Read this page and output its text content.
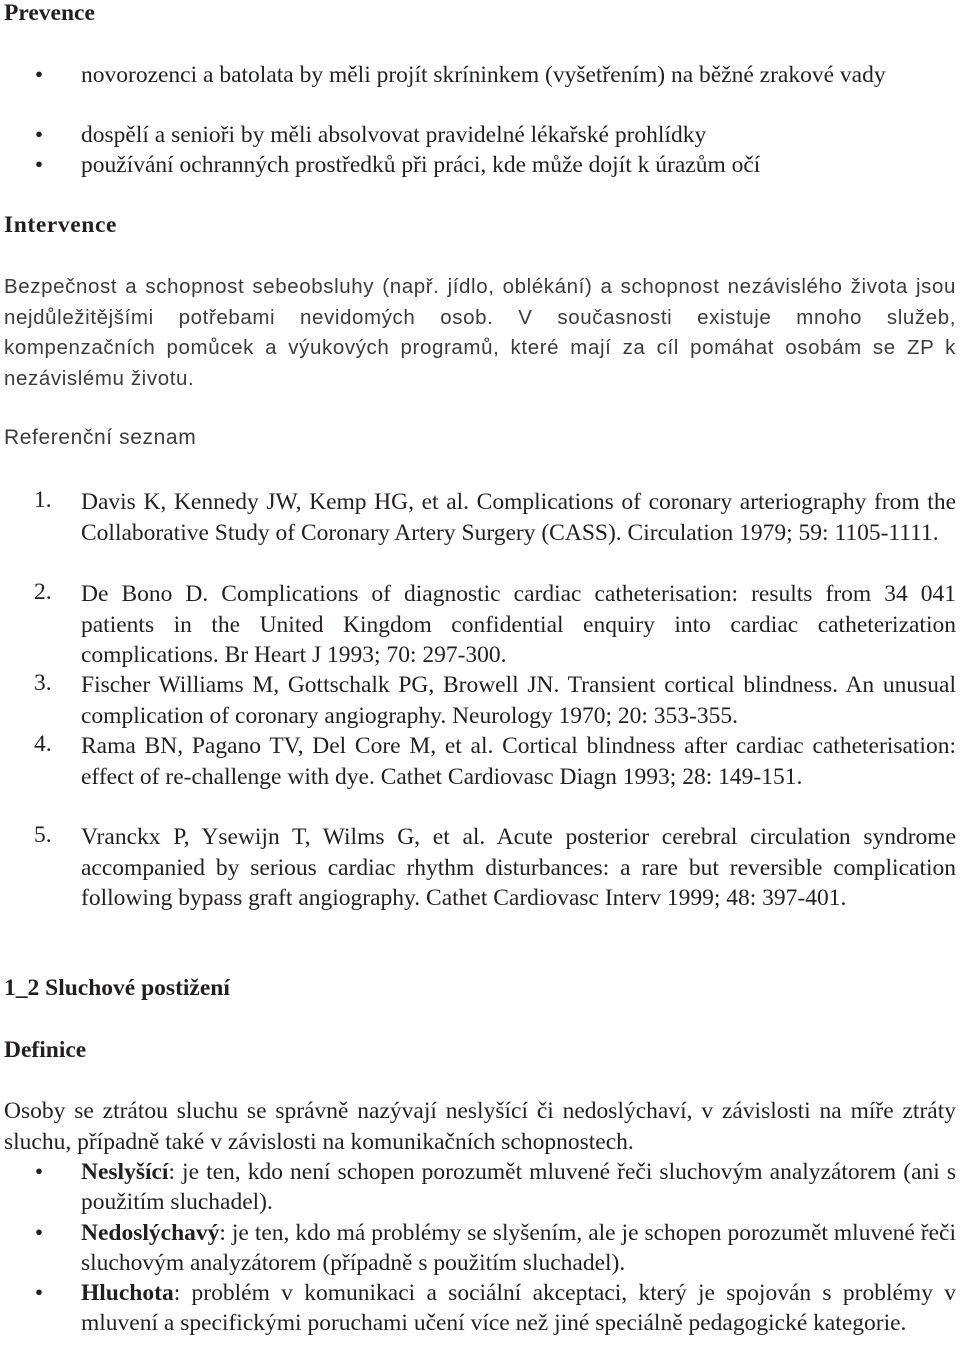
Prevence
• novorozenci a batolata by měli projít skríninkem (vyšetřením) na běžné zrakové vady
• dospělí a senioři by měli absolvovat pravidelné lékařské prohlídky
• používání ochranných prostředků při práci, kde může dojít k úrazům očí
Intervence
Bezpečnost a schopnost sebeobsluhy (např. jídlo, oblékání) a schopnost nezávislého života jsou nejdůležitějšími potřebami nevidomých osob. V současnosti existuje mnoho služeb, kompenzačních pomůcek a výukových programů, které mají za cíl pomáhat osobám se ZP k nezávislému životu.
Referenční seznam
1. Davis K, Kennedy JW, Kemp HG, et al. Complications of coronary arteriography from the Collaborative Study of Coronary Artery Surgery (CASS). Circulation 1979; 59: 1105-1111.
2. De Bono D. Complications of diagnostic cardiac catheterisation: results from 34 041 patients in the United Kingdom confidential enquiry into cardiac catheterization complications. Br Heart J 1993; 70: 297-300.
3. Fischer Williams M, Gottschalk PG, Browell JN. Transient cortical blindness. An unusual complication of coronary angiography. Neurology 1970; 20: 353-355.
4. Rama BN, Pagano TV, Del Core M, et al. Cortical blindness after cardiac catheterisation: effect of re-challenge with dye. Cathet Cardiovasc Diagn 1993; 28: 149-151.
5. Vranckx P, Ysewijn T, Wilms G, et al. Acute posterior cerebral circulation syndrome accompanied by serious cardiac rhythm disturbances: a rare but reversible complication following bypass graft angiography. Cathet Cardiovasc Interv 1999; 48: 397-401.
1_2 Sluchové postižení
Definice
Osoby se ztrátou sluchu se správně nazývají neslyšící či nedoslýchaví, v závislosti na míře ztráty sluchu, případně také v závislosti na komunikačních schopnostech.
• Neslyšící: je ten, kdo není schopen porozumět mluvené řeči sluchovým analyzátorem (ani s použitím sluchadel).
• Nedoslýchavý: je ten, kdo má problémy se slyšením, ale je schopen porozumět mluvené řeči sluchovým analyzátorem (případně s použitím sluchadel).
• Hluchota: problém v komunikaci a sociální akceptaci, který je spojován s problémy v mluvení a specifickými poruchami učení více než jiné speciálně pedagogické kategorie.
